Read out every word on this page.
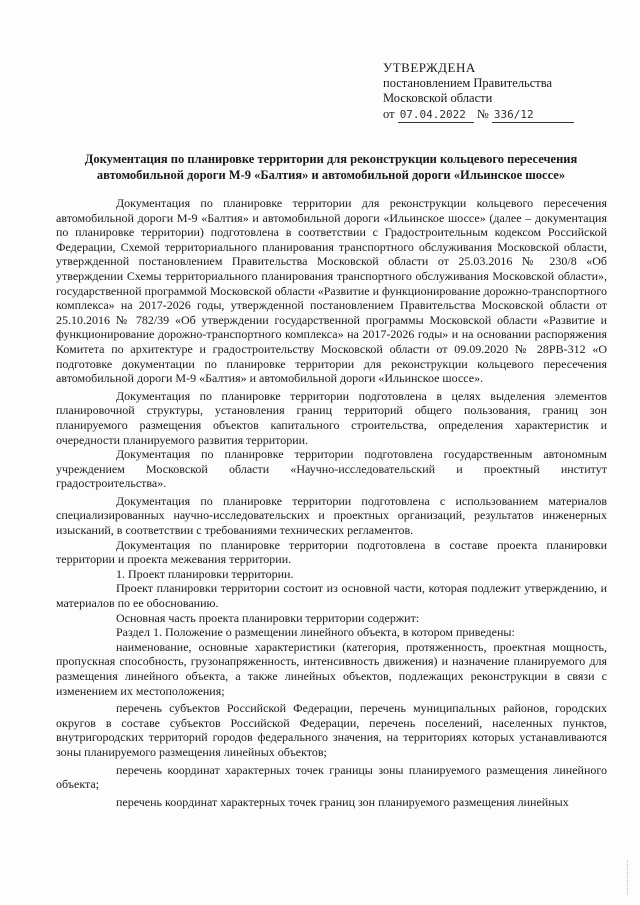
УТВЕРЖДЕНА
постановлением Правительства
Московской области
от 07.04.2022 № 336/12
Документация по планировке территории для реконструкции кольцевого пересечения автомобильной дороги М-9 «Балтия» и автомобильной дороги «Ильинское шоссе»

Документация по планировке территории для реконструкции кольцевого пересечения автомобильной дороги М-9 «Балтия» и автомобильной дороги «Ильинское шоссе» (далее – документация по планировке территории) подготовлена в соответствии с Градостроительным кодексом Российской Федерации, Схемой территориального планирования транспортного обслуживания Московской области, утвержденной постановлением Правительства Московской области от 25.03.2016 № 230/8 «Об утверждении Схемы территориального планирования транспортного обслуживания Московской области», государственной программой Московской области «Развитие и функционирование дорожно-транспортного комплекса» на 2017-2026 годы, утвержденной постановлением Правительства Московской области от 25.10.2016 № 782/39 «Об утверждении государственной программы Московской области «Развитие и функционирование дорожно-транспортного комплекса» на 2017-2026 годы» и на основании распоряжения Комитета по архитектуре и градостроительству Московской области от 09.09.2020 № 28РВ-312 «О подготовке документации по планировке территории для реконструкции кольцевого пересечения автомобильной дороги М-9 «Балтия» и автомобильной дороги «Ильинское шоссе».

Документация по планировке территории подготовлена в целях выделения элементов планировочной структуры, установления границ территорий общего пользования, границ зон планируемого размещения объектов капитального строительства, определения характеристик и очередности планируемого развития территории.

Документация по планировке территории подготовлена государственным автономным учреждением Московской области «Научно-исследовательский и проектный институт градостроительства».

Документация по планировке территории подготовлена с использованием материалов специализированных научно-исследовательских и проектных организаций, результатов инженерных изысканий, в соответствии с требованиями технических регламентов.

Документация по планировке территории подготовлена в составе проекта планировки территории и проекта межевания территории.

1. Проект планировки территории.

Проект планировки территории состоит из основной части, которая подлежит утверждению, и материалов по ее обоснованию.

Основная часть проекта планировки территории содержит:

Раздел 1. Положение о размещении линейного объекта, в котором приведены:

наименование, основные характеристики (категория, протяженность, проектная мощность, пропускная способность, грузонапряженность, интенсивность движения) и назначение планируемого для размещения линейного объекта, а также линейных объектов, подлежащих реконструкции в связи с изменением их местоположения;

перечень субъектов Российской Федерации, перечень муниципальных районов, городских округов в составе субъектов Российской Федерации, перечень поселений, населенных пунктов, внутригородских территорий городов федерального значения, на территориях которых устанавливаются зоны планируемого размещения линейных объектов;

перечень координат характерных точек границы зоны планируемого размещения линейного объекта;

перечень координат характерных точек границ зон планируемого размещения линейных
